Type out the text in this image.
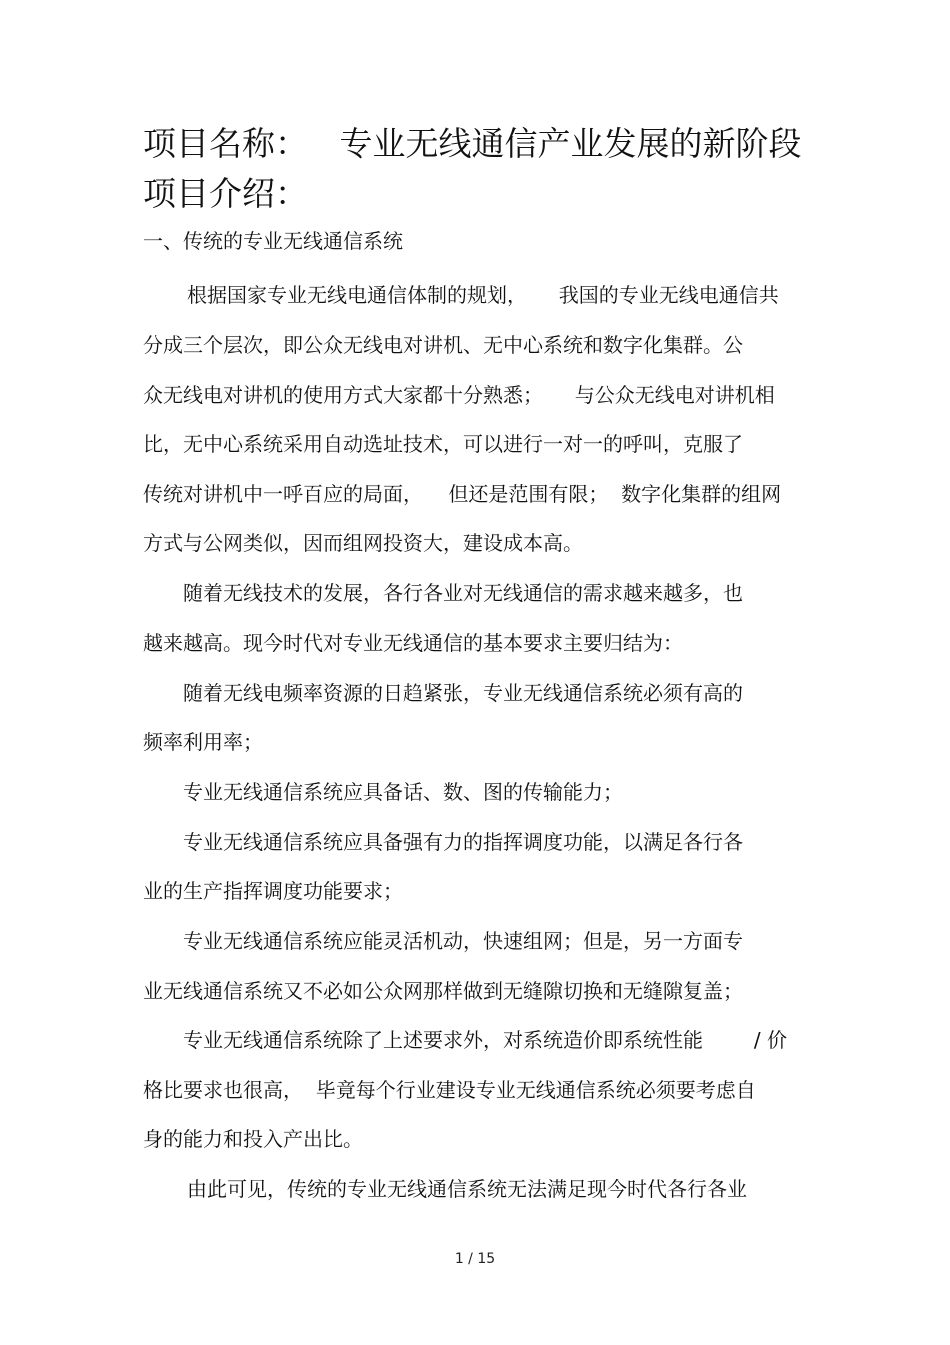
项目名称：   专业无线通信产业发展的新阶段
项目介绍：
一、传统的专业无线通信系统
根据国家专业无线电通信体制的规划，     我国的专业无线电通信共
分成三个层次，即公众无线电对讲机、无中心系统和数字化集群。公
众无线电对讲机的使用方式大家都十分熟悉；     与公众无线电对讲机相
比，无中心系统采用自动选址技术，可以进行一对一的呼叫，克服了
传统对讲机中一呼百应的局面，    但还是范围有限；  数字化集群的组网
方式与公网类似，因而组网投资大，建设成本高。
随着无线技术的发展，各行各业对无线通信的需求越来越多，也
越来越高。现今时代对专业无线通信的基本要求主要归结为：
随着无线电频率资源的日趋紧张，专业无线通信系统必须有高的
频率利用率；
专业无线通信系统应具备话、数、图的传输能力；
专业无线通信系统应具备强有力的指挥调度功能，以满足各行各
业的生产指挥调度功能要求；
专业无线通信系统应能灵活机动，快速组网；但是，另一方面专
业无线通信系统又不必如公众网那样做到无缝隙切换和无缝隙复盖；
专业无线通信系统除了上述要求外，对系统造价即系统性能        / 价
格比要求也很高，  毕竟每个行业建设专业无线通信系统必须要考虑自
身的能力和投入产出比。
由此可见，传统的专业无线通信系统无法满足现今时代各行各业
1 / 15
